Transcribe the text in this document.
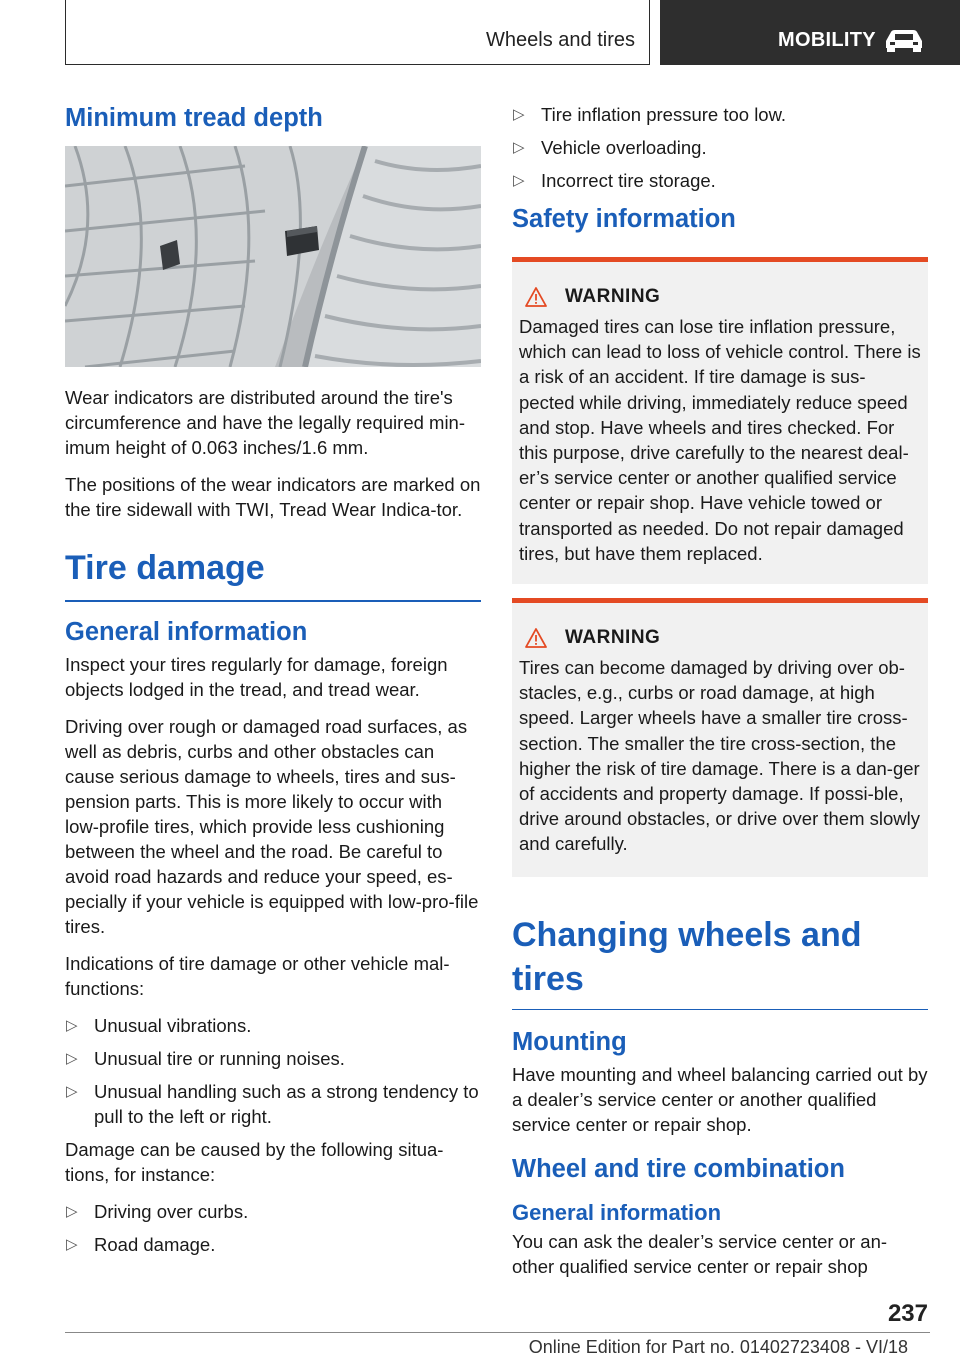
Wheels and tires	MOBILITY
Minimum tread depth

Wear indicators are distributed around the tire's circumference and have the legally required min-imum height of 0.063 inches/1.6 mm.

The positions of the wear indicators are marked on the tire sidewall with TWI, Tread Wear Indica-tor.

Tire damage
General information

Inspect your tires regularly for damage, foreign objects lodged in the tread, and tread wear.

Driving over rough or damaged road surfaces, as well as debris, curbs and other obstacles can cause serious damage to wheels, tires and sus-pension parts. This is more likely to occur with low-profile tires, which provide less cushioning between the wheel and the road. Be careful to avoid road hazards and reduce your speed, es-pecially if your vehicle is equipped with low-pro-file tires.

Indications of tire damage or other vehicle mal-functions:

▷ Unusual vibrations.
▷ Unusual tire or running noises.
▷ Unusual handling such as a strong tendency to pull to the left or right.

Damage can be caused by the following situa-tions, for instance:

▷ Driving over curbs.
▷ Road damage.
▷ Tire inflation pressure too low.
▷ Vehicle overloading.
▷ Incorrect tire storage.
Safety information
WARNING
Damaged tires can lose tire inflation pressure, which can lead to loss of vehicle control. There is a risk of an accident. If tire damage is sus-pected while driving, immediately reduce speed and stop. Have wheels and tires checked. For this purpose, drive carefully to the nearest deal-er’s service center or another qualified service center or repair shop. Have vehicle towed or transported as needed. Do not repair damaged tires, but have them replaced.
WARNING
Tires can become damaged by driving over ob-stacles, e.g., curbs or road damage, at high speed. Larger wheels have a smaller tire cross-section. The smaller the tire cross-section, the higher the risk of tire damage. There is a dan-ger of accidents and property damage. If possi-ble, drive around obstacles, or drive over them slowly and carefully.
Changing wheels and tires
Mounting

Have mounting and wheel balancing carried out by a dealer’s service center or another qualified service center or repair shop.

Wheel and tire combination
General information

You can ask the dealer’s service center or an-other qualified service center or repair shop

237
Online Edition for Part no. 01402723408 - VI/18
